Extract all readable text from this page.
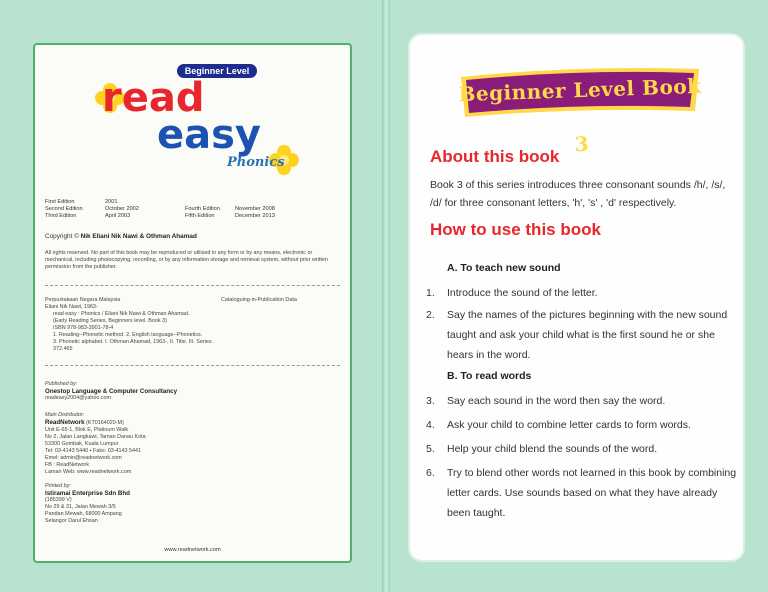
Beginner Level
read
easy
Phonics
First Edition	2001
Second Edition	October 2002
Third Edition	April 2003
Fourth Edition	November 2008
Fifth Edition	December 2013
Copyright © Nik Eliani Nik Nawi & Othman Ahamad
All rights reserved. No part of this book may be reproduced or utilized in any form or by any means, electronic or mechanical, including photocopying, recording, or by any information storage and retrieval system, without prior written permission from the publisher.
Perpustakaan Negara Malaysia
Eliani Nik Nawi, 1963-
read easy : Phonics / Eliani Nik Nawi & Othman Ahamad.
(Early Reading Series, Beginners level. Book 3)
ISBN 978-983-3901-78-4
1. Reading--Phonetic method. 2. English language--Phonetics.
3. Phonetic alphabet. I. Othman Ahamad, 1963-. II. Title. III. Series.
372.465
Cataloguing-in-Publication Data
Published by:
Onestop Language & Computer Consultancy
readeasy2004@yahoo.com
Main Distributor:
ReadNetwork (KT0164020-M)
Unit E-65-1, Blok E, Platinum Walk
No 2, Jalan Langkawi, Taman Danau Kota
53300 Gombak, Kuala Lumpur
Tel: 03-4143 5440 • Faks: 03-4143 5441
Emel: admin@readnetwork.com
FB : ReadNetwork
Laman Web: www.readnetwork.com
Printed by:
Istiramai Enterprise Sdn Bhd
(185399 V)
No 29 & 31, Jalan Mewah 3/5
Pandan Mewah, 68000 Ampang
Selangor Darul Ehsan
www.readnetwork.com
Beginner Level Book 3
About this book
Book 3 of this series introduces three consonant sounds /h/, /s/, /d/ for three consonant letters, 'h', 's' , 'd' respectively.
How to use this book
A. To teach new sound
1. Introduce the sound of the letter.
2. Say the names of the pictures beginning with the new sound taught and ask your child what is the first sound he or she hears in the word.
B. To read words
3. Say each sound in the word then say the word.
4. Ask your child to combine letter cards to form words.
5. Help your child blend the sounds of the word.
6. Try to blend other words not learned in this book by combining letter cards. Use sounds based on what they have already been taught.
